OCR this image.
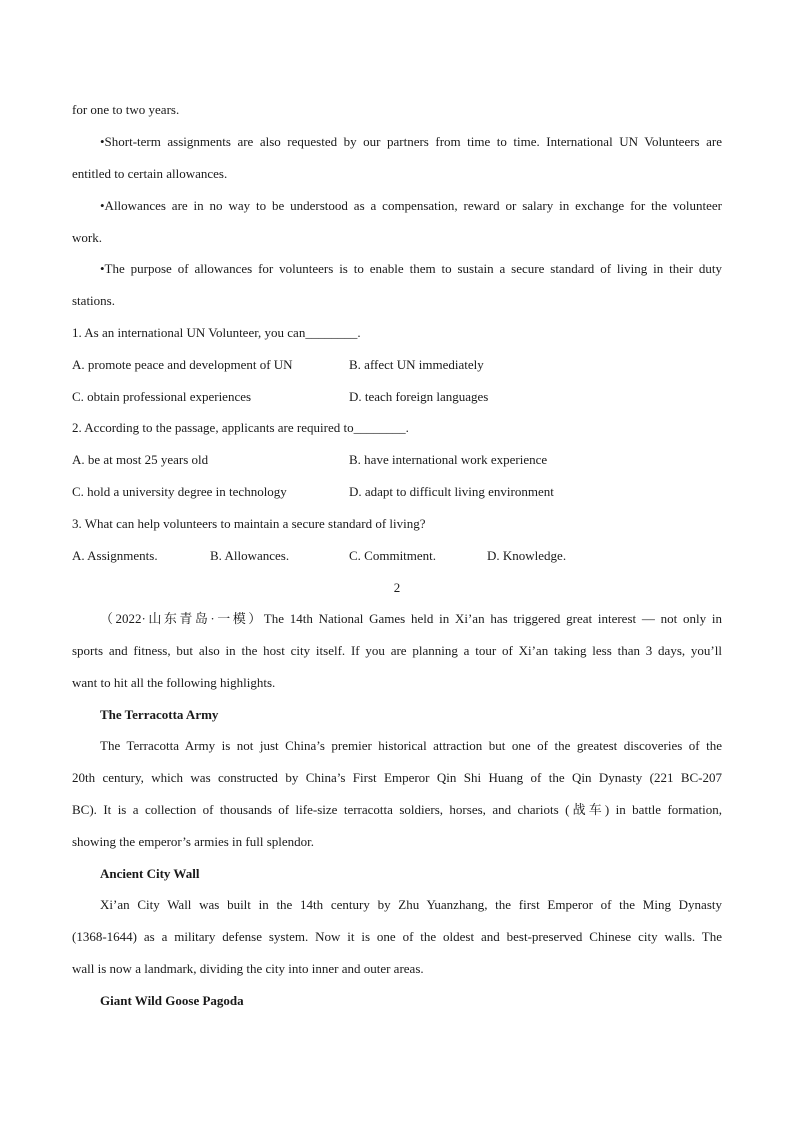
for one to two years.
•Short-term assignments are also requested by our partners from time to time. International UN Volunteers are
entitled to certain allowances.
•Allowances are in no way to be understood as a compensation, reward or salary in exchange for the volunteer
work.
•The purpose of allowances for volunteers is to enable them to sustain a secure standard of living in their duty
stations.
1. As an international UN Volunteer, you can________.
A. promote peace and development of UN	B. affect UN immediately
C. obtain professional experiences	D. teach foreign languages
2. According to the passage, applicants are required to________.
A. be at most 25 years old	B. have international work experience
C. hold a university degree in technology	D. adapt to difficult living environment
3. What can help volunteers to maintain a secure standard of living?
A. Assignments.	B. Allowances.	C. Commitment.	D. Knowledge.
2
（2022·山东青岛·一模）The 14th National Games held in Xi’an has triggered great interest — not only in
sports and fitness, but also in the host city itself. If you are planning a tour of Xi’an taking less than 3 days, you’ll
want to hit all the following highlights.
The Terracotta Army
The Terracotta Army is not just China’s premier historical attraction but one of the greatest discoveries of the
20th century, which was constructed by China’s First Emperor Qin Shi Huang of the Qin Dynasty (221 BC-207
BC). It is a collection of thousands of life-size terracotta soldiers, horses, and chariots (战车) in battle formation,
showing the emperor’s armies in full splendor.
Ancient City Wall
Xi’an City Wall was built in the 14th century by Zhu Yuanzhang, the first Emperor of the Ming Dynasty
(1368-1644) as a military defense system. Now it is one of the oldest and best-preserved Chinese city walls. The
wall is now a landmark, dividing the city into inner and outer areas.
Giant Wild Goose Pagoda
